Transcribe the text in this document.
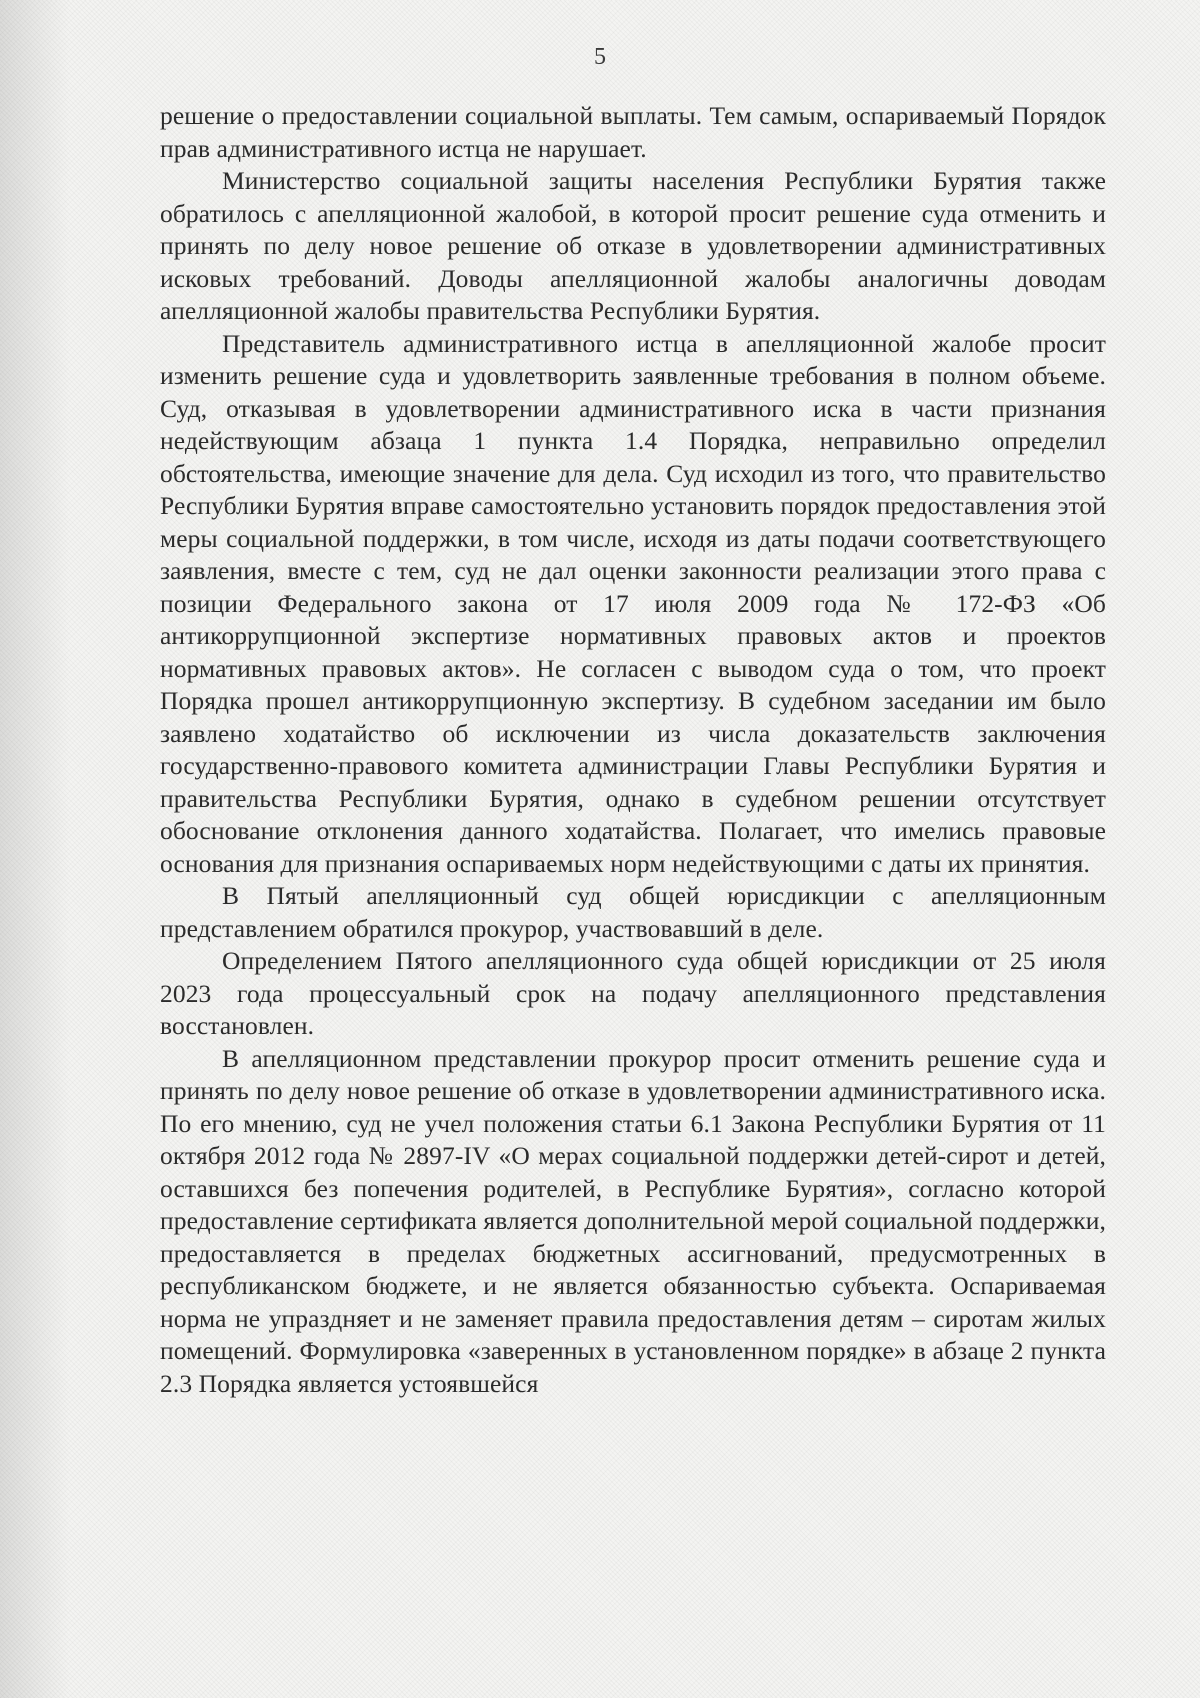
5

решение о предоставлении социальной выплаты. Тем самым, оспариваемый Порядок прав административного истца не нарушает.

Министерство социальной защиты населения Республики Бурятия также обратилось с апелляционной жалобой, в которой просит решение суда отменить и принять по делу новое решение об отказе в удовлетворении административных исковых требований. Доводы апелляционной жалобы аналогичны доводам апелляционной жалобы правительства Республики Бурятия.

Представитель административного истца в апелляционной жалобе просит изменить решение суда и удовлетворить заявленные требования в полном объеме. Суд, отказывая в удовлетворении административного иска в части признания недействующим абзаца 1 пункта 1.4 Порядка, неправильно определил обстоятельства, имеющие значение для дела. Суд исходил из того, что правительство Республики Бурятия вправе самостоятельно установить порядок предоставления этой меры социальной поддержки, в том числе, исходя из даты подачи соответствующего заявления, вместе с тем, суд не дал оценки законности реализации этого права с позиции Федерального закона от 17 июля 2009 года № 172-ФЗ «Об антикоррупционной экспертизе нормативных правовых актов и проектов нормативных правовых актов». Не согласен с выводом суда о том, что проект Порядка прошел антикоррупционную экспертизу. В судебном заседании им было заявлено ходатайство об исключении из числа доказательств заключения государственно-правового комитета администрации Главы Республики Бурятия и правительства Республики Бурятия, однако в судебном решении отсутствует обоснование отклонения данного ходатайства. Полагает, что имелись правовые основания для признания оспариваемых норм недействующими с даты их принятия.

В Пятый апелляционный суд общей юрисдикции с апелляционным представлением обратился прокурор, участвовавший в деле.

Определением Пятого апелляционного суда общей юрисдикции от 25 июля 2023 года процессуальный срок на подачу апелляционного представления восстановлен.

В апелляционном представлении прокурор просит отменить решение суда и принять по делу новое решение об отказе в удовлетворении административного иска. По его мнению, суд не учел положения статьи 6.1 Закона Республики Бурятия от 11 октября 2012 года № 2897-IV «О мерах социальной поддержки детей-сирот и детей, оставшихся без попечения родителей, в Республике Бурятия», согласно которой предоставление сертификата является дополнительной мерой социальной поддержки, предоставляется в пределах бюджетных ассигнований, предусмотренных в республиканском бюджете, и не является обязанностью субъекта. Оспариваемая норма не упраздняет и не заменяет правила предоставления детям – сиротам жилых помещений. Формулировка «заверенных в установленном порядке» в абзаце 2 пункта 2.3 Порядка является устоявшейся
